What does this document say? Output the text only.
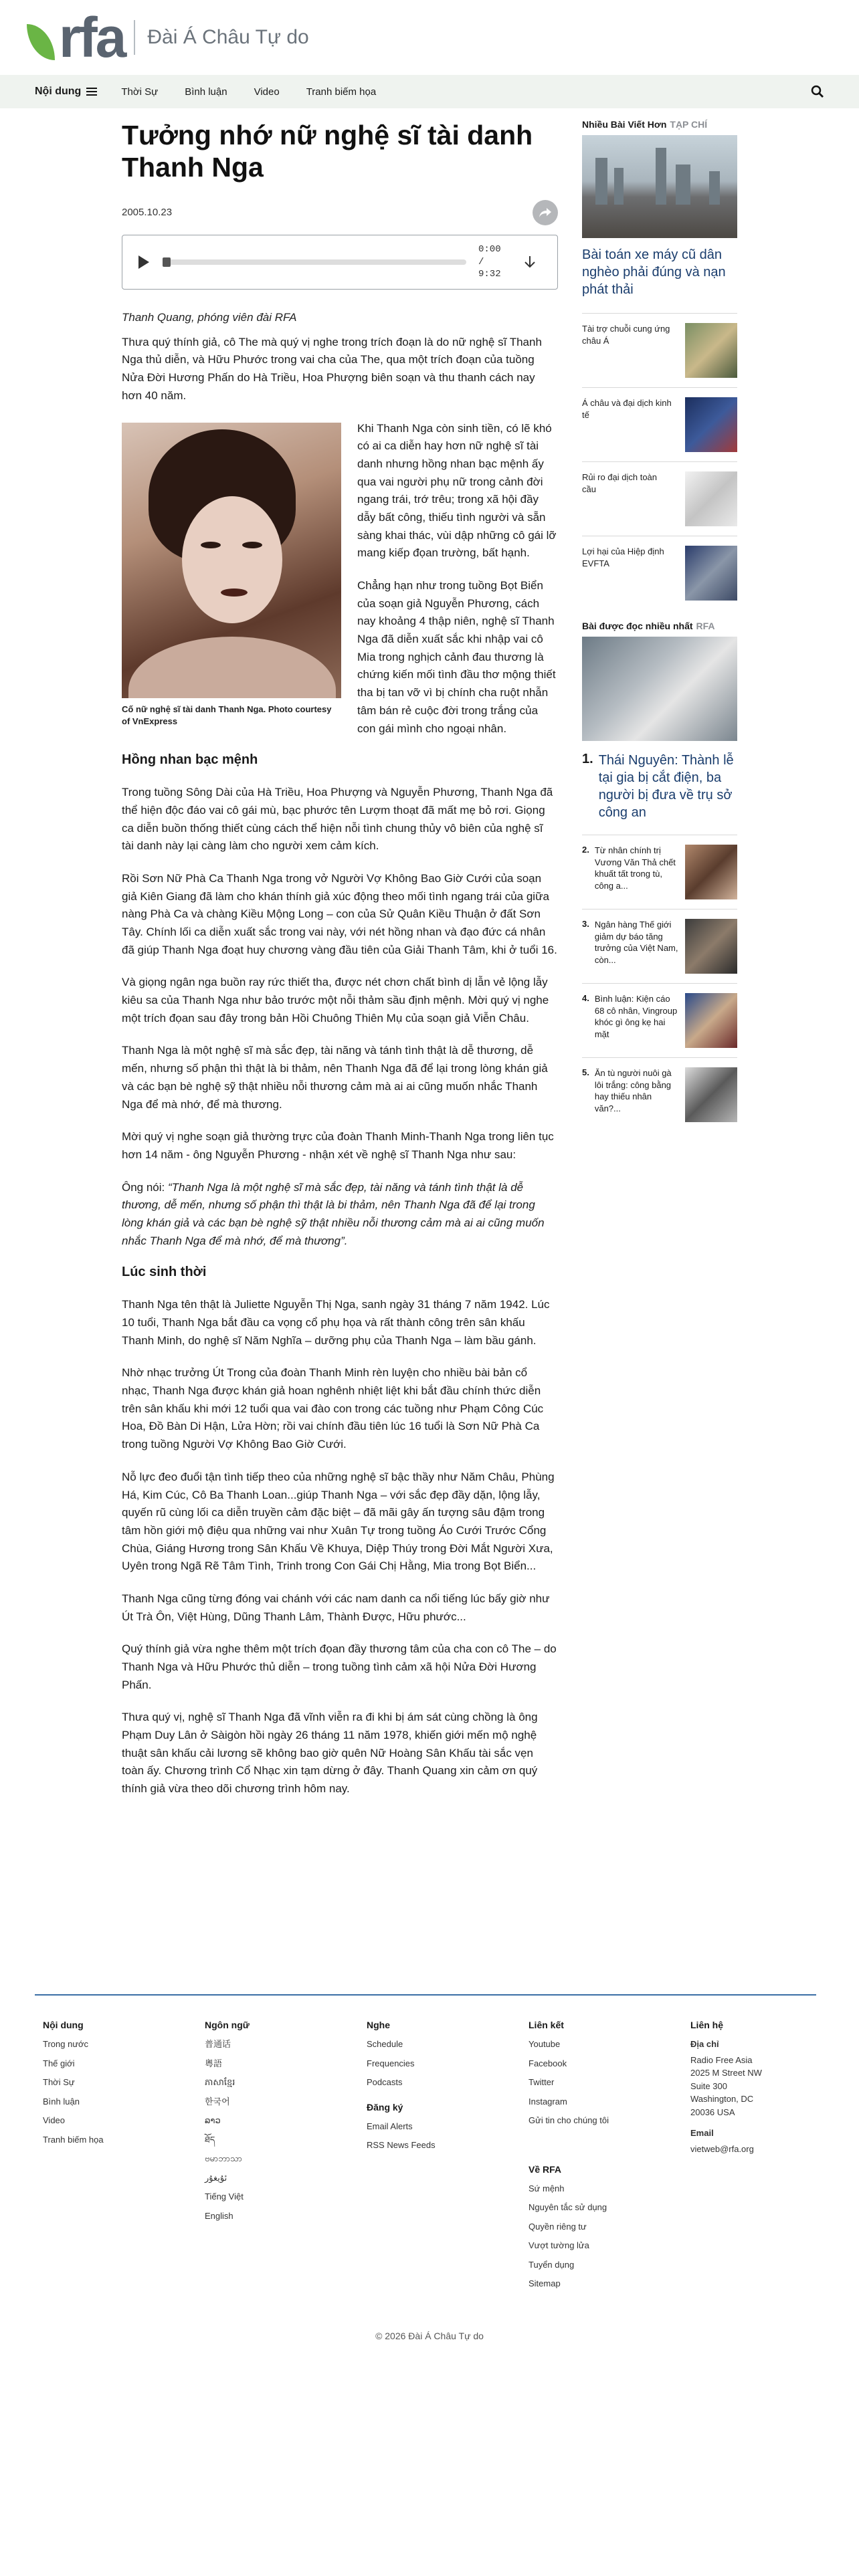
rfa Đài Á Châu Tự do
Nội dung	Thời Sự	Bình luận	Video	Tranh biếm họa
Tưởng nhớ nữ nghệ sĩ tài danh Thanh Nga
2005.10.23
0:00
/ 9:32
Thanh Quang, phóng viên đài RFA

Thưa quý thính giả, cô The mà quý vị nghe trong trích đoạn là do nữ nghệ sĩ Thanh Nga thủ diễn, và Hữu Phước trong vai cha của The, qua một trích đoạn của tuồng Nửa Đời Hương Phấn do Hà Triều, Hoa Phượng biên soạn và thu thanh cách nay hơn 40 năm.

Cố nữ nghệ sĩ tài danh Thanh Nga. Photo courtesy of VnExpress

Khi Thanh Nga còn sinh tiền, có lẽ khó có ai ca diễn hay hơn nữ nghệ sĩ tài danh nhưng hồng nhan bạc mệnh ấy qua vai người phụ nữ trong cảnh đời ngang trái, trớ trêu; trong xã hội đầy dẫy bất công, thiếu tình người và sẵn sàng khai thác, vùi dập những cô gái lỡ mang kiếp đọan trường, bất hạnh.

Chẳng hạn như trong tuồng Bọt Biển của soạn giả Nguyễn Phương, cách nay khoảng 4 thập niên, nghệ sĩ Thanh Nga đã diễn xuất sắc khi nhập vai cô Mia trong nghịch cảnh đau thương là chứng kiến mối tình đầu thơ mộng thiết tha bị tan vỡ vì bị chính cha ruột nhẫn tâm bán rẻ cuộc đời trong trắng của con gái mình cho ngoại nhân.

Hồng nhan bạc mệnh

Trong tuồng Sông Dài của Hà Triều, Hoa Phượng và Nguyễn Phương, Thanh Nga đã thể hiện độc đáo vai cô gái mù, bạc phước tên Lượm thoạt đã mất mẹ bỏ rơi. Giọng ca diễn buồn thống thiết cùng cách thể hiện nỗi tình chung thủy vô biên của nghệ sĩ tài danh này lại càng làm cho người xem cảm kích.

Rồi Sơn Nữ Phà Ca Thanh Nga trong vở Người Vợ Không Bao Giờ Cưới của soạn giả Kiên Giang đã làm cho khán thính giả xúc động theo mối tình ngang trái của giữa nàng Phà Ca và chàng Kiều Mộng Long – con của Sử Quân Kiều Thuận ở đất Sơn Tây. Chính lối ca diễn xuất sắc trong vai này, với nét hồng nhan và đạo đức cá nhân đã giúp Thanh Nga đoạt huy chương vàng đầu tiên của Giải Thanh Tâm, khi ở tuổi 16.

Và giọng ngân nga buồn ray rức thiết tha, được nét chơn chất bình dị lẫn vẻ lộng lẫy kiêu sa của Thanh Nga như bảo trước một nỗi thảm sầu định mệnh. Mời quý vị nghe một trích đọan sau đây trong bản Hồi Chuông Thiên Mụ của soạn giả Viễn Châu.

Thanh Nga là một nghệ sĩ mà sắc đẹp, tài năng và tánh tình thật là dễ thương, dễ mến, nhưng số phận thì thật là bi thảm, nên Thanh Nga đã để lại trong lòng khán giả và các bạn bè nghệ sỹ thật nhiều nỗi thương cảm mà ai ai cũng muốn nhắc Thanh Nga để mà nhớ, để mà thương.

Mời quý vị nghe soạn giả thường trực của đoàn Thanh Minh-Thanh Nga trong liên tục hơn 14 năm - ông Nguyễn Phương - nhận xét về nghệ sĩ Thanh Nga như sau:

Ông nói: “Thanh Nga là một nghệ sĩ mà sắc đẹp, tài năng và tánh tình thật là dễ thương, dễ mến, nhưng số phận thì thật là bi thảm, nên Thanh Nga đã để lại trong lòng khán giả và các bạn bè nghệ sỹ thật nhiều nỗi thương cảm mà ai ai cũng muốn nhắc Thanh Nga để mà nhớ, để mà thương”.

Lúc sinh thời

Thanh Nga tên thật là Juliette Nguyễn Thị Nga, sanh ngày 31 tháng 7 năm 1942. Lúc 10 tuổi, Thanh Nga bắt đầu ca vọng cổ phụ họa và rất thành công trên sân khấu Thanh Minh, do nghệ sĩ Năm Nghĩa – dưỡng phụ của Thanh Nga – làm bầu gánh.

Nhờ nhạc trưởng Út Trong của đoàn Thanh Minh rèn luyện cho nhiều bài bản cổ nhạc, Thanh Nga được khán giả hoan nghênh nhiệt liệt khi bắt đầu chính thức diễn trên sân khấu khi mới 12 tuổi qua vai đào con trong các tuồng như Phạm Công Cúc Hoa, Đồ Bàn Di Hận, Lửa Hờn; rồi vai chính đầu tiên lúc 16 tuổi là Sơn Nữ Phà Ca trong tuồng Người Vợ Không Bao Giờ Cưới.

Nỗ lực đeo đuổi tận tình tiếp theo của những nghệ sĩ bậc thầy như Năm Châu, Phùng Há, Kim Cúc, Cô Ba Thanh Loan...giúp Thanh Nga – với sắc đẹp đầy dặn, lộng lẫy, quyến rũ cùng lối ca diễn truyền cảm đặc biệt – đã mãi gây ấn tượng sâu đậm trong tâm hồn giới mộ điệu qua những vai như Xuân Tự trong tuồng Áo Cưới Trước Cổng Chùa, Giáng Hương trong Sân Khấu Về Khuya, Diệp Thúy trong Đời Mắt Người Xưa, Uyên trong Ngã Rẽ Tâm Tình, Trinh trong Con Gái Chị Hằng, Mia trong Bọt Biển...

Thanh Nga cũng từng đóng vai chánh với các nam danh ca nổi tiếng lúc bấy giờ như Út Trà Ôn, Việt Hùng, Dũng Thanh Lâm, Thành Được, Hữu phước...

Quý thính giả vừa nghe thêm một trích đọan đầy thương tâm của cha con cô The – do Thanh Nga và Hữu Phước thủ diễn – trong tuồng tình cảm xã hội Nửa Đời Hương Phấn.

Thưa quý vị, nghệ sĩ Thanh Nga đã vĩnh viễn ra đi khi bị ám sát cùng chồng là ông Phạm Duy Lân ở Sàigòn hồi ngày 26 tháng 11 năm 1978, khiến giới mến mộ nghệ thuật sân khấu cải lương sẽ không bao giờ quên Nữ Hoàng Sân Khấu tài sắc vẹn toàn ấy. Chương trình Cổ Nhạc xin tạm dừng ở đây. Thanh Quang xin cảm ơn quý thính giả vừa theo dõi chương trình hôm nay.

Nhiều Bài Viết Hơn TẠP CHÍ
Bài toán xe máy cũ dân nghèo phải đúng và nạn phát thải
Tài trợ chuỗi cung ứng châu Á
Á châu và đại dịch kinh tế
Rủi ro đại dịch toàn cầu
Lợi hại của Hiệp định EVFTA
Bài được đọc nhiều nhất RFA
1. Thái Nguyên: Thành lễ tại gia bị cắt điện, ba người bị đưa về trụ sở công an
2. Từ nhân chính trị Vương Văn Thả chết khuất tất trong tù, công a...
3. Ngân hàng Thế giới giảm dự báo tăng trưởng của Việt Nam, còn...
4. Bình luận: Kiện cáo 68 cô nhân, Vingroup khóc gì ông kẹ hai mặt
5. Ăn tù người nuôi gà lôi trắng: công bằng hay thiếu nhân văn?...
Nội dung
Trong nước
Thế giới
Thời Sự
Bình luận
Video
Tranh biếm họa
Ngôn ngữ
普通话
粵語
ភាសាខ្មែរ
한국어
ລາວ
ཐོད
ဗမာဘာသာ
ئۇيغۇر
Tiếng Việt
English
Nghe
Schedule
Frequencies
Podcasts
Đăng ký
Email Alerts
RSS News Feeds
Liên kết
Youtube
Facebook
Twitter
Instagram
Gửi tin cho chúng tôi
Về RFA
Sứ mệnh
Nguyên tắc sử dụng
Quyền riêng tư
Vượt tường lửa
Tuyển dụng
Sitemap
Liên hệ
Địa chỉ
Radio Free Asia
2025 M Street NW
Suite 300
Washington, DC
20036 USA
Email
vietweb@rfa.org
© 2026 Đài Á Châu Tự do
